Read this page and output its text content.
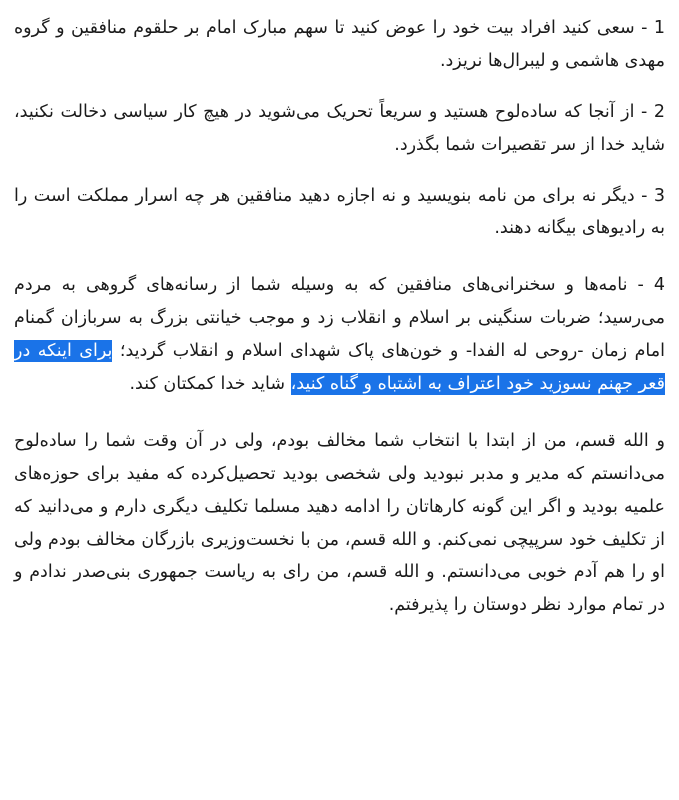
1 - سعی کنید افراد بیت خود را عوض کنید تا سهم مبارک امام بر حلقوم منافقین و گروه مهدی هاشمی و لیبرال‌ها نریزد.

2 - از آنجا که ساده‌لوح هستید و سریعاً تحریک می‌شوید در هیچ کار سیاسی دخالت نکنید، شاید خدا از سر تقصیرات شما بگذرد.

3 - دیگر نه برای من نامه بنویسید و نه اجازه دهید منافقین هر چه اسرار مملکت است را به رادیوهای بیگانه دهند.

4 - نامه‌ها و سخنرانی‌های منافقین که به وسیله شما از رسانه‌های گروهی به مردم می‌رسید؛ ضربات سنگینی بر اسلام و انقلاب زد و موجب خیانتی بزرگ به سربازان گمنام امام زمان -روحی له الفدا- و خون‌های پاک شهدای اسلام و انقلاب گردید؛ برای اینکه در قعر جهنم نسوزید خود اعتراف به اشتباه و گناه کنید، شاید خدا کمکتان کند.

و الله قسم، من از ابتدا با انتخاب شما مخالف بودم، ولی در آن وقت شما را ساده‌لوح می‌دانستم که مدیر و مدبر نبودید ولی شخصی بودید تحصیل‌کرده که مفید برای حوزه‌های علمیه بودید و اگر این گونه کارهاتان را ادامه دهید مسلما تکلیف دیگری دارم و می‌دانید که از تکلیف خود سرپیچی نمی‌کنم. و الله قسم، من با نخست‌وزیری بازرگان مخالف بودم ولی او را هم آدم خوبی می‌دانستم. و الله قسم، من رای به ریاست جمهوری بنی‌صدر ندادم و در تمام موارد نظر دوستان را پذیرفتم.
